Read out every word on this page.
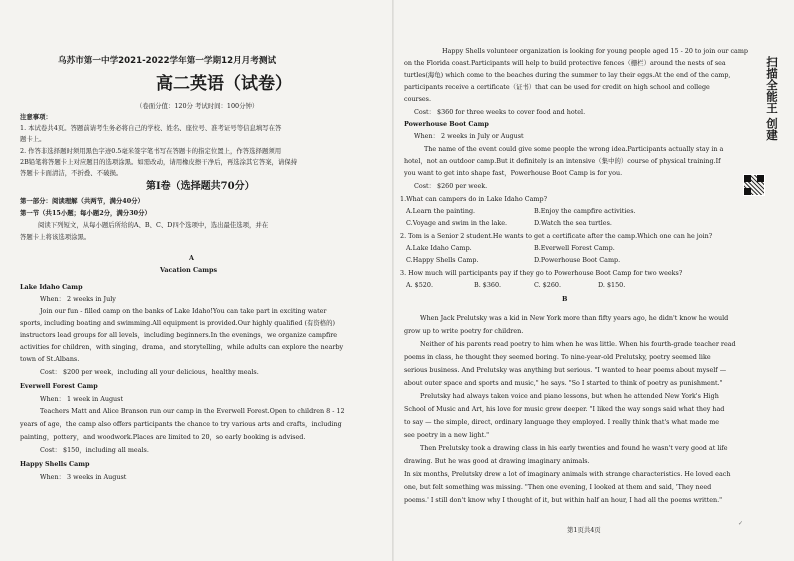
乌苏市第一中学2021-2022学年第一学期12月月考测试
高二英语（试卷）
（卷面分值：120分 考试时间：100分钟）
注意事项：
1. 本试卷共4页。答题前请考生务必将自己的学校、姓名、座位号、准考证号等信息填写在答
题卡上。
2. 作答非选择题时须用黑色字迹0.5毫米签字笔书写在答题卡的指定位置上，作答选择题须用
2B铅笔将答题卡上对应题目的选项涂黑。如需改动，请用橡皮擦干净后，再选涂其它答案，请保持
答题卡卡面清洁，不折叠、不破损。
第Ⅰ卷（选择题共70分）
第一部分：阅读理解（共两节，满分40分）
第一节（共15小题；每小题2分，满分30分）
阅读下列短文，从每小题后所给的A、B、C、D四个选项中，选出最佳选项，并在
答题卡上将该选项涂黑。
A
Vacation Camps
Lake Idaho Camp
When： 2 weeks in July
Join our fun - filled camp on the banks of Lake Idaho!You can take part in exciting water
sports, including boating and swimming.All equipment is provided.Our highly qualified (有资格的)
instructors lead groups for all levels，including beginners.In the evenings，we organize campfire
activities for children，with singing，drama，and storytelling，while adults can explore the nearby
town of St.Albans.
Cost： $200 per week，including all your delicious，healthy meals.
Everwell Forest Camp
When： 1 week in August
Teachers Matt and Alice Branson run our camp in the Everwell Forest.Open to children 8 - 12
years of age，the camp also offers participants the chance to try various arts and crafts，including
painting，pottery，and woodwork.Places are limited to 20，so early booking is advised.
Cost： $150，including all meals.
Happy Shells Camp
When： 3 weeks in August
Happy Shells volunteer organization is looking for young people aged 15 - 20 to join our camp
on the Florida coast.Participants will help to build protective fences（栅栏）around the nests of sea
turtles(海龟) which come to the beaches during the summer to lay their eggs.At the end of the camp,
participants receive a certificate（证书）that can be used for credit on high school and college
courses.
Cost： $360 for three weeks to cover food and hotel.
Powerhouse Boot Camp
When： 2 weeks in July or August
The name of the event could give some people the wrong idea.Participants actually stay in a
hotel，not an outdoor camp.But it definitely is an intensive（集中的）course of physical training.If
you want to get into shape fast，Powerhouse Boot Camp is for you.
Cost： $260 per week.
1.What can campers do in Lake Idaho Camp?
A.Learn the painting.	B.Enjoy the campfire activities.
C.Voyage and swim in the lake.	D.Watch the sea turtles.
2. Tom is a Senior 2 student.He wants to get a certificate after the camp.Which one can he join?
A.Lake Idaho Camp.	B.Everwell Forest Camp.
C.Happy Shells Camp.	D.Powerhouse Boot Camp.
3. How much will participants pay if they go to Powerhouse Boot Camp for two weeks?
A. $520.	B. $360.	C. $260.	D. $150.
B
When Jack Prelutsky was a kid in New York more than fifty years ago, he didn't know he would
grow up to write poetry for children.
Neither of his parents read poetry to him when he was little. When his fourth-grade teacher read
poems in class, he thought they seemed boring. To nine-year-old Prelutsky, poetry seemed like
serious business. And Prelutsky was anything but serious. "I wanted to hear poems about myself —
about outer space and sports and music," he says. "So I started to think of poetry as punishment."
Prelutsky had always taken voice and piano lessons, but when he attended New York's High
School of Music and Art, his love for music grew deeper. "I liked the way songs said what they had
to say — the simple, direct, ordinary language they employed. I really think that's what made me
see poetry in a new light."
Then Prelutsky took a drawing class in his early twenties and found he wasn't very good at life
drawing. But he was good at drawing imaginary animals.
In six months, Prelutsky drew a lot of imaginary animals with strange characteristics. He loved each
one, but felt something was missing. "Then one evening, I looked at them and said, 'They need
poems.' I still don't know why I thought of it, but within half an hour, I had all the poems written."
第1页共4页
扫描全能王 创建
✓
